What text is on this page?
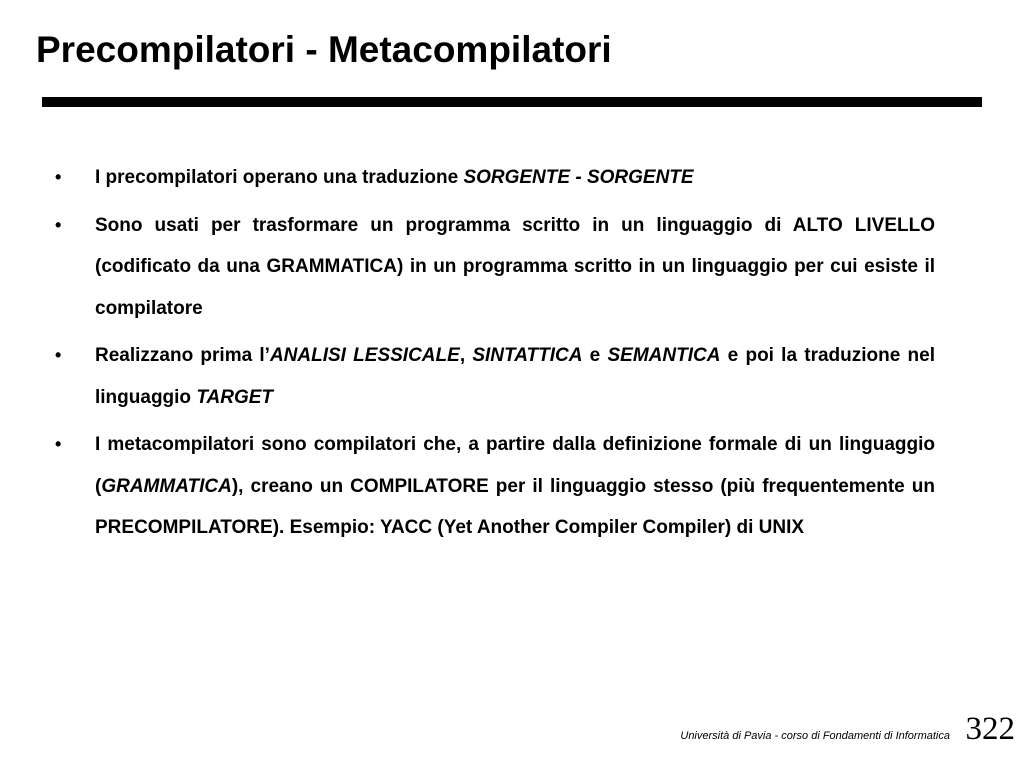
Precompilatori - Metacompilatori
• I precompilatori operano una traduzione SORGENTE - SORGENTE
• Sono usati per trasformare un programma scritto in un linguaggio di ALTO LIVELLO (codificato da una GRAMMATICA) in un programma scritto in un linguaggio per cui esiste il compilatore
• Realizzano prima l’ANALISI LESSICALE, SINTATTICA e SEMANTICA e poi la traduzione nel linguaggio TARGET
• I metacompilatori sono compilatori che, a partire dalla definizione formale di un linguaggio (GRAMMATICA), creano un COMPILATORE per il linguaggio stesso (più frequentemente un PRECOMPILATORE). Esempio: YACC (Yet Another Compiler Compiler) di UNIX
Università di Pavia - corso di Fondamenti di Informatica 322
